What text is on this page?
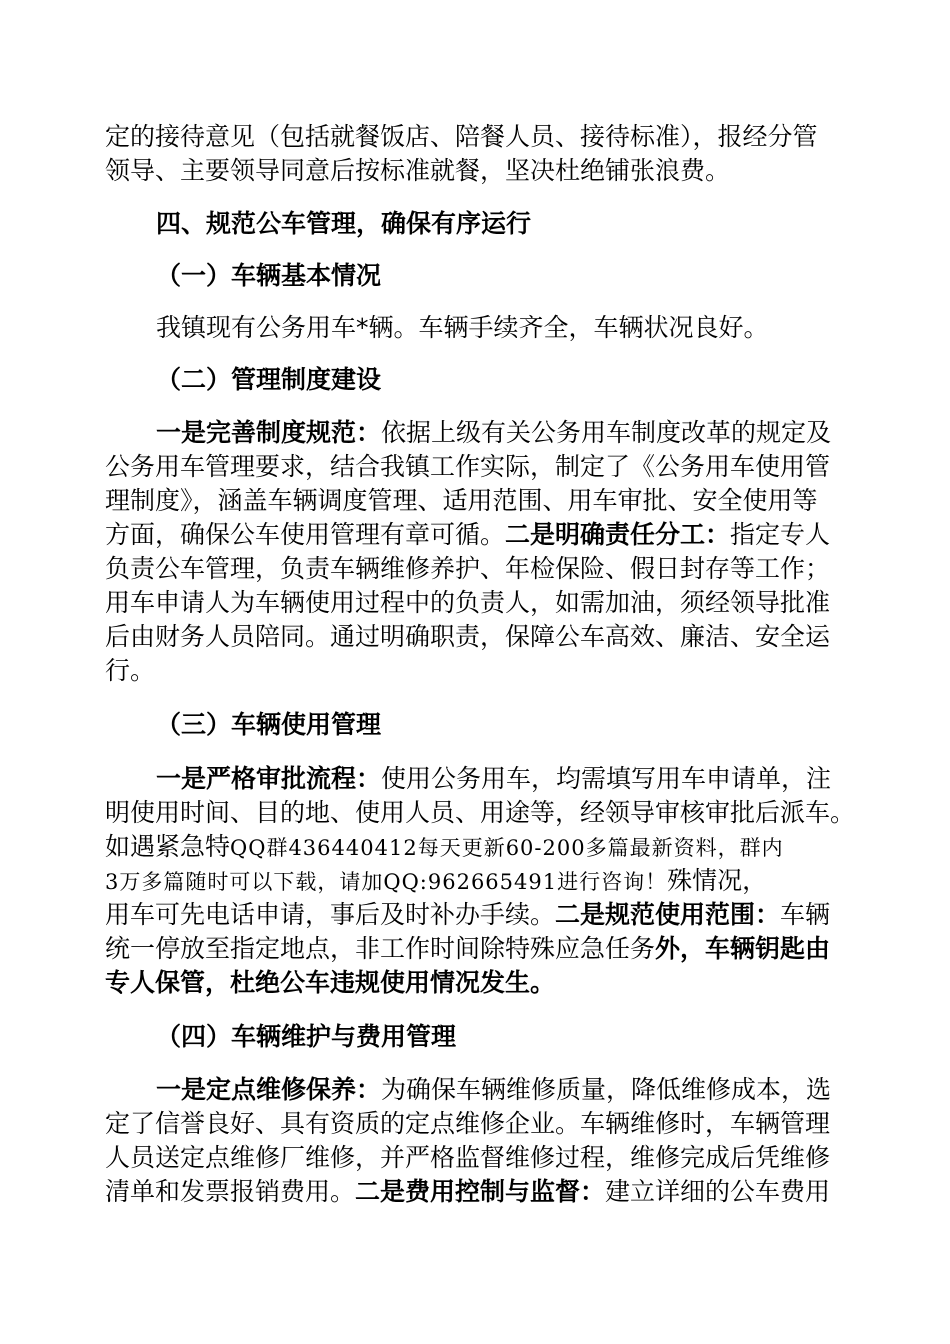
定的接待意见（包括就餐饭店、陪餐人员、接待标准），报经分管
领导、主要领导同意后按标准就餐，坚决杜绝铺张浪费。
四、规范公车管理，确保有序运行
（一）车辆基本情况
我镇现有公务用车*辆。车辆手续齐全，车辆状况良好。
（二）管理制度建设
一是完善制度规范：依据上级有关公务用车制度改革的规定及
公务用车管理要求，结合我镇工作实际，制定了《公务用车使用管
理制度》，涵盖车辆调度管理、适用范围、用车审批、安全使用等
方面，确保公车使用管理有章可循。二是明确责任分工：指定专人
负责公车管理，负责车辆维修养护、年检保险、假日封存等工作；
用车申请人为车辆使用过程中的负责人，如需加油，须经领导批准
后由财务人员陪同。通过明确职责，保障公车高效、廉洁、安全运
行。
（三）车辆使用管理
一是严格审批流程：使用公务用车，均需填写用车申请单，注
明使用时间、目的地、使用人员、用途等，经领导审核审批后派车。
如遇紧急特QQ群436440412每天更新60-200多篇最新资料，群内
3万多篇随时可以下载，请加QQ:962665491进行咨询！殊情况，
用车可先电话申请，事后及时补办手续。二是规范使用范围：车辆
统一停放至指定地点，非工作时间除特殊应急任务外，车辆钥匙由
专人保管，杜绝公车违规使用情况发生。
（四）车辆维护与费用管理
一是定点维修保养：为确保车辆维修质量，降低维修成本，选
定了信誉良好、具有资质的定点维修企业。车辆维修时，车辆管理
人员送定点维修厂维修，并严格监督维修过程，维修完成后凭维修
清单和发票报销费用。二是费用控制与监督：建立详细的公车费用
